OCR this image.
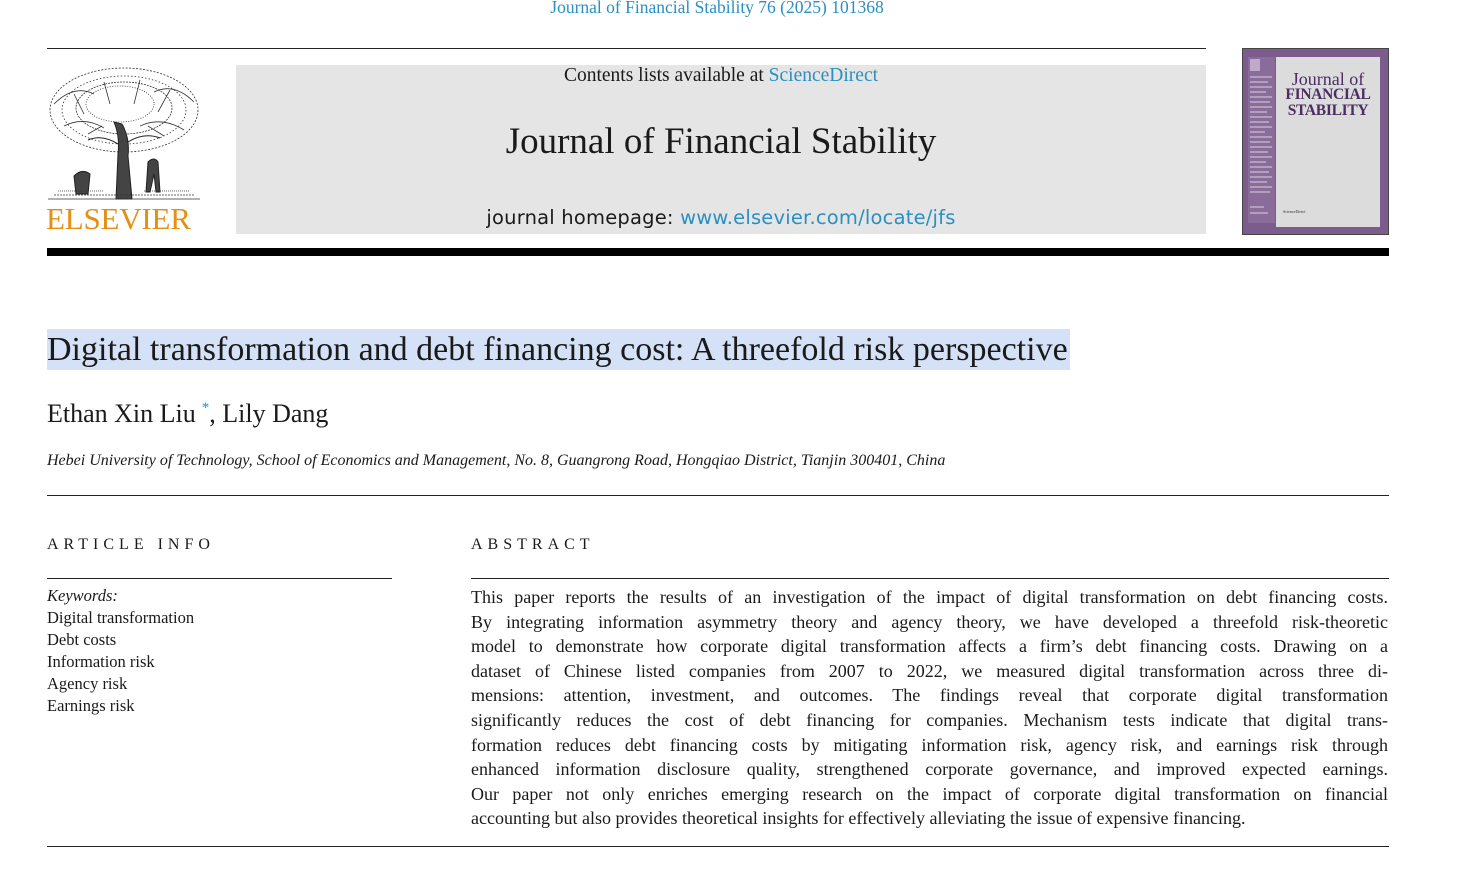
Journal of Financial Stability 76 (2025) 101368
ELSEVIER
Contents lists available at ScienceDirect
Journal of Financial Stability
journal homepage: www.elsevier.com/locate/jfs
Journal of
FINANCIAL
STABILITY
ScienceDirect
Digital transformation and debt financing cost: A threefold risk perspective
Ethan Xin Liu *, Lily Dang
Hebei University of Technology, School of Economics and Management, No. 8, Guangrong Road, Hongqiao District, Tianjin 300401, China
ARTICLE INFO
Keywords:
Digital transformation
Debt costs
Information risk
Agency risk
Earnings risk
ABSTRACT
This paper reports the results of an investigation of the impact of digital transformation on debt financing costs.
By integrating information asymmetry theory and agency theory, we have developed a threefold risk-theoretic
model to demonstrate how corporate digital transformation affects a firm’s debt financing costs. Drawing on a
dataset of Chinese listed companies from 2007 to 2022, we measured digital transformation across three di-
mensions: attention, investment, and outcomes. The findings reveal that corporate digital transformation
significantly reduces the cost of debt financing for companies. Mechanism tests indicate that digital trans-
formation reduces debt financing costs by mitigating information risk, agency risk, and earnings risk through
enhanced information disclosure quality, strengthened corporate governance, and improved expected earnings.
Our paper not only enriches emerging research on the impact of corporate digital transformation on financial
accounting but also provides theoretical insights for effectively alleviating the issue of expensive financing.
